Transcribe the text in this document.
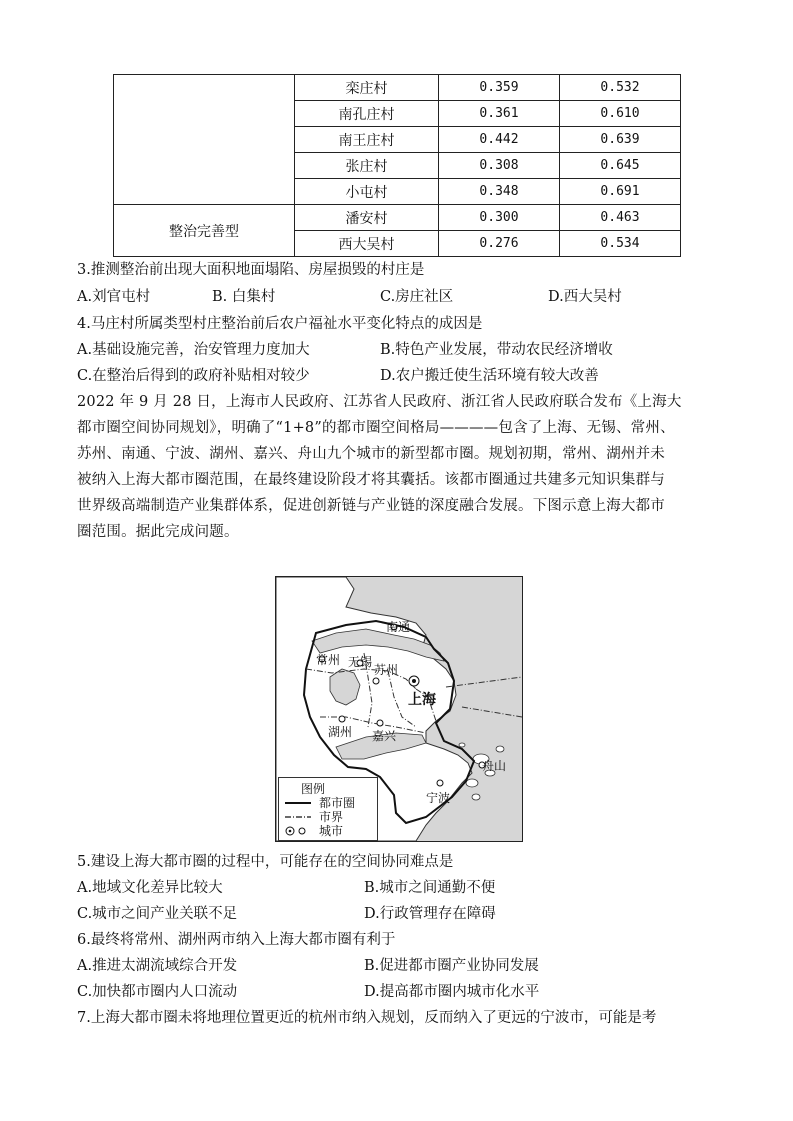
	栾庄村	0.359	0.532
	南孔庄村	0.361	0.610
	南王庄村	0.442	0.639
	张庄村	0.308	0.645
	小屯村	0.348	0.691
整治完善型	潘安村	0.300	0.463
	西大吴村	0.276	0.534
3.推测整治前出现大面积地面塌陷、房屋损毁的村庄是
A.刘官屯村	B. 白集村	C.房庄社区	D.西大吴村
4.马庄村所属类型村庄整治前后农户福祉水平变化特点的成因是
A.基础设施完善，治安管理力度加大	B.特色产业发展，带动农民经济增收
C.在整治后得到的政府补贴相对较少	D.农户搬迁使生活环境有较大改善
2022 年 9 月 28 日，上海市人民政府、江苏省人民政府、浙江省人民政府联合发布《上海大
都市圈空间协同规划》，明确了“1+8”的都市圈空间格局————包含了上海、无锡、常州、
苏州、南通、宁波、湖州、嘉兴、舟山九个城市的新型都市圈。规划初期，常州、湖州并未
被纳入上海大都市圈范围，在最终建设阶段才将其囊括。该都市圈通过共建多元知识集群与
世界级高端制造产业集群体系，促进创新链与产业链的深度融合发展。下图示意上海大都市
圈范围。据此完成问题。
南通
常州 无锡
苏州
上海
湖州 嘉兴
舟山
宁波
图例
都市圈
市界
城市
5.建设上海大都市圈的过程中，可能存在的空间协同难点是
A.地域文化差异比较大	B.城市之间通勤不便
C.城市之间产业关联不足	D.行政管理存在障碍
6.最终将常州、湖州两市纳入上海大都市圈有利于
A.推进太湖流域综合开发	B.促进都市圈产业协同发展
C.加快都市圈内人口流动	D.提高都市圈内城市化水平
7.上海大都市圈未将地理位置更近的杭州市纳入规划，反而纳入了更远的宁波市，可能是考
